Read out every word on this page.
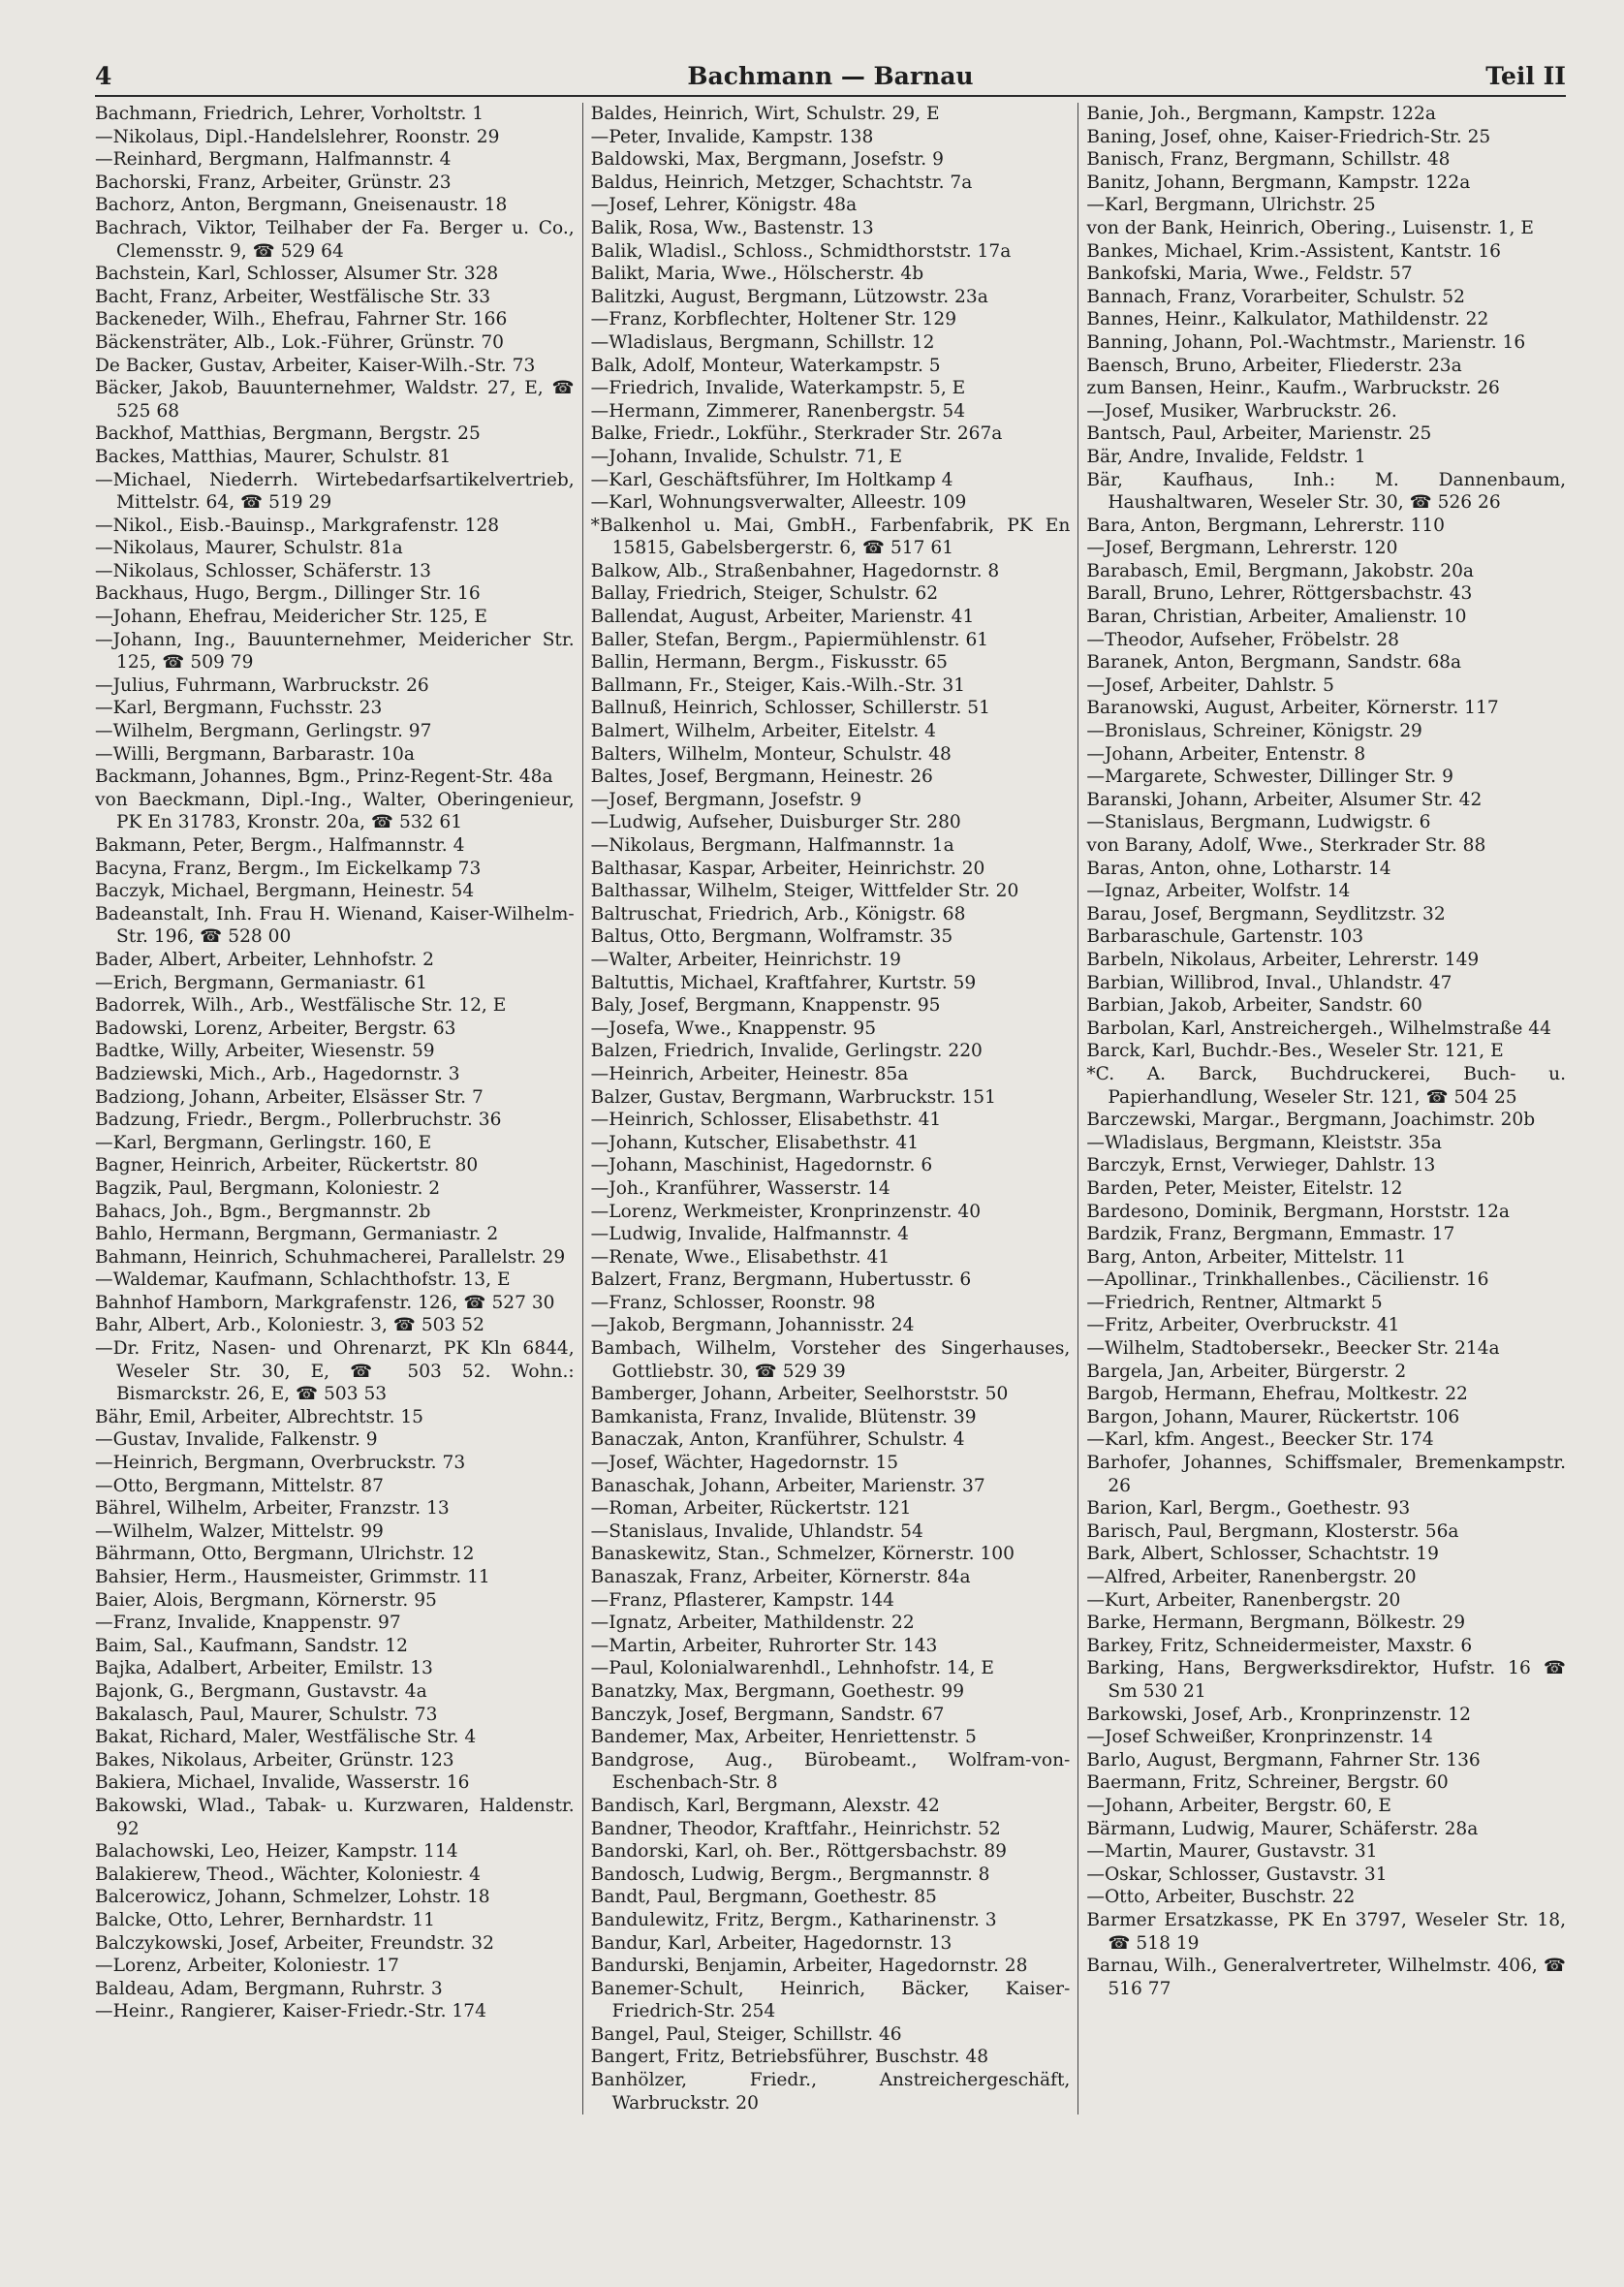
4	Bachmann — Barnau	Teil II

Bachmann, Friedrich, Lehrer, Vorholtstr. 1

—Nikolaus, Dipl.-Handelslehrer, Roonstr. 29

—Reinhard, Bergmann, Halfmannstr. 4

Bachorski, Franz, Arbeiter, Grünstr. 23

Bachorz, Anton, Bergmann, Gneisenaustr. 18

Bachrach, Viktor, Teilhaber der Fa. Berger u. Co., Clemensstr. 9, ☎ 529 64

Bachstein, Karl, Schlosser, Alsumer Str. 328

Bacht, Franz, Arbeiter, Westfälische Str. 33

Backeneder, Wilh., Ehefrau, Fahrner Str. 166

Bäckensträter, Alb., Lok.-Führer, Grünstr. 70

De Backer, Gustav, Arbeiter, Kaiser-Wilh.-Str. 73

Bäcker, Jakob, Bauunternehmer, Waldstr. 27, E, ☎ 525 68

Backhof, Matthias, Bergmann, Bergstr. 25

Backes, Matthias, Maurer, Schulstr. 81

—Michael, Niederrh. Wirtebedarfsartikelvertrieb, Mittelstr. 64, ☎ 519 29

—Nikol., Eisb.-Bauinsp., Markgrafenstr. 128

—Nikolaus, Maurer, Schulstr. 81a

—Nikolaus, Schlosser, Schäferstr. 13

Backhaus, Hugo, Bergm., Dillinger Str. 16

—Johann, Ehefrau, Meidericher Str. 125, E

—Johann, Ing., Bauunternehmer, Meidericher Str. 125, ☎ 509 79

—Julius, Fuhrmann, Warbruckstr. 26

—Karl, Bergmann, Fuchsstr. 23

—Wilhelm, Bergmann, Gerlingstr. 97

—Willi, Bergmann, Barbarastr. 10a

Backmann, Johannes, Bgm., Prinz-Regent-Str. 48a

von Baeckmann, Dipl.-Ing., Walter, Oberingenieur, PK En 31783, Kronstr. 20a, ☎ 532 61

Bakmann, Peter, Bergm., Halfmannstr. 4

Bacyna, Franz, Bergm., Im Eickelkamp 73

Baczyk, Michael, Bergmann, Heinestr. 54

Badeanstalt, Inh. Frau H. Wienand, Kaiser-Wilhelm-Str. 196, ☎ 528 00

Bader, Albert, Arbeiter, Lehnhofstr. 2

—Erich, Bergmann, Germaniastr. 61

Badorrek, Wilh., Arb., Westfälische Str. 12, E

Badowski, Lorenz, Arbeiter, Bergstr. 63

Badtke, Willy, Arbeiter, Wiesenstr. 59

Badziewski, Mich., Arb., Hagedornstr. 3

Badziong, Johann, Arbeiter, Elsässer Str. 7

Badzung, Friedr., Bergm., Pollerbruchstr. 36

—Karl, Bergmann, Gerlingstr. 160, E

Bagner, Heinrich, Arbeiter, Rückertstr. 80

Bagzik, Paul, Bergmann, Koloniestr. 2

Bahacs, Joh., Bgm., Bergmannstr. 2b

Bahlo, Hermann, Bergmann, Germaniastr. 2

Bahmann, Heinrich, Schuhmacherei, Parallelstr. 29

—Waldemar, Kaufmann, Schlachthofstr. 13, E

Bahnhof Hamborn, Markgrafenstr. 126, ☎ 527 30

Bahr, Albert, Arb., Koloniestr. 3, ☎ 503 52

—Dr. Fritz, Nasen- und Ohrenarzt, PK Kln 6844, Weseler Str. 30, E, ☎ 503 52. Wohn.: Bismarckstr. 26, E, ☎ 503 53

Bähr, Emil, Arbeiter, Albrechtstr. 15

—Gustav, Invalide, Falkenstr. 9

—Heinrich, Bergmann, Overbruckstr. 73

—Otto, Bergmann, Mittelstr. 87

Bährel, Wilhelm, Arbeiter, Franzstr. 13

—Wilhelm, Walzer, Mittelstr. 99

Bährmann, Otto, Bergmann, Ulrichstr. 12

Bahsier, Herm., Hausmeister, Grimmstr. 11

Baier, Alois, Bergmann, Körnerstr. 95

—Franz, Invalide, Knappenstr. 97

Baim, Sal., Kaufmann, Sandstr. 12

Bajka, Adalbert, Arbeiter, Emilstr. 13

Bajonk, G., Bergmann, Gustavstr. 4a

Bakalasch, Paul, Maurer, Schulstr. 73

Bakat, Richard, Maler, Westfälische Str. 4

Bakes, Nikolaus, Arbeiter, Grünstr. 123

Bakiera, Michael, Invalide, Wasserstr. 16

Bakowski, Wlad., Tabak- u. Kurzwaren, Haldenstr. 92

Balachowski, Leo, Heizer, Kampstr. 114

Balakierew, Theod., Wächter, Koloniestr. 4

Balcerowicz, Johann, Schmelzer, Lohstr. 18

Balcke, Otto, Lehrer, Bernhardstr. 11

Balczykowski, Josef, Arbeiter, Freundstr. 32

—Lorenz, Arbeiter, Koloniestr. 17

Baldeau, Adam, Bergmann, Ruhrstr. 3

—Heinr., Rangierer, Kaiser-Friedr.-Str. 174

Baldes, Heinrich, Wirt, Schulstr. 29, E

—Peter, Invalide, Kampstr. 138

Baldowski, Max, Bergmann, Josefstr. 9

Baldus, Heinrich, Metzger, Schachtstr. 7a

—Josef, Lehrer, Königstr. 48a

Balik, Rosa, Ww., Bastenstr. 13

Balik, Wladisl., Schloss., Schmidthorststr. 17a

Balikt, Maria, Wwe., Hölscherstr. 4b

Balitzki, August, Bergmann, Lützowstr. 23a

—Franz, Korbflechter, Holtener Str. 129

—Wladislaus, Bergmann, Schillstr. 12

Balk, Adolf, Monteur, Waterkampstr. 5

—Friedrich, Invalide, Waterkampstr. 5, E

—Hermann, Zimmerer, Ranenbergstr. 54

Balke, Friedr., Lokführ., Sterkrader Str. 267a

—Johann, Invalide, Schulstr. 71, E

—Karl, Geschäftsführer, Im Holtkamp 4

—Karl, Wohnungsverwalter, Alleestr. 109

*Balkenhol u. Mai, GmbH., Farbenfabrik, PK En 15815, Gabelsbergerstr. 6, ☎ 517 61

Balkow, Alb., Straßenbahner, Hagedornstr. 8

Ballay, Friedrich, Steiger, Schulstr. 62

Ballendat, August, Arbeiter, Marienstr. 41

Baller, Stefan, Bergm., Papiermühlenstr. 61

Ballin, Hermann, Bergm., Fiskusstr. 65

Ballmann, Fr., Steiger, Kais.-Wilh.-Str. 31

Ballnuß, Heinrich, Schlosser, Schillerstr. 51

Balmert, Wilhelm, Arbeiter, Eitelstr. 4

Balters, Wilhelm, Monteur, Schulstr. 48

Baltes, Josef, Bergmann, Heinestr. 26

—Josef, Bergmann, Josefstr. 9

—Ludwig, Aufseher, Duisburger Str. 280

—Nikolaus, Bergmann, Halfmannstr. 1a

Balthasar, Kaspar, Arbeiter, Heinrichstr. 20

Balthassar, Wilhelm, Steiger, Wittfelder Str. 20

Baltruschat, Friedrich, Arb., Königstr. 68

Baltus, Otto, Bergmann, Wolframstr. 35

—Walter, Arbeiter, Heinrichstr. 19

Baltuttis, Michael, Kraftfahrer, Kurtstr. 59

Baly, Josef, Bergmann, Knappenstr. 95

—Josefa, Wwe., Knappenstr. 95

Balzen, Friedrich, Invalide, Gerlingstr. 220

—Heinrich, Arbeiter, Heinestr. 85a

Balzer, Gustav, Bergmann, Warbruckstr. 151

—Heinrich, Schlosser, Elisabethstr. 41

—Johann, Kutscher, Elisabethstr. 41

—Johann, Maschinist, Hagedornstr. 6

—Joh., Kranführer, Wasserstr. 14

—Lorenz, Werkmeister, Kronprinzenstr. 40

—Ludwig, Invalide, Halfmannstr. 4

—Renate, Wwe., Elisabethstr. 41

Balzert, Franz, Bergmann, Hubertusstr. 6

—Franz, Schlosser, Roonstr. 98

—Jakob, Bergmann, Johannisstr. 24

Bambach, Wilhelm, Vorsteher des Singerhauses, Gottliebstr. 30, ☎ 529 39

Bamberger, Johann, Arbeiter, Seelhorststr. 50

Bamkanista, Franz, Invalide, Blütenstr. 39

Banaczak, Anton, Kranführer, Schulstr. 4

—Josef, Wächter, Hagedornstr. 15

Banaschak, Johann, Arbeiter, Marienstr. 37

—Roman, Arbeiter, Rückertstr. 121

—Stanislaus, Invalide, Uhlandstr. 54

Banaskewitz, Stan., Schmelzer, Körnerstr. 100

Banaszak, Franz, Arbeiter, Körnerstr. 84a

—Franz, Pflasterer, Kampstr. 144

—Ignatz, Arbeiter, Mathildenstr. 22

—Martin, Arbeiter, Ruhrorter Str. 143

—Paul, Kolonialwarenhdl., Lehnhofstr. 14, E

Banatzky, Max, Bergmann, Goethestr. 99

Banczyk, Josef, Bergmann, Sandstr. 67

Bandemer, Max, Arbeiter, Henriettenstr. 5

Bandgrose, Aug., Bürobeamt., Wolfram-von-Eschenbach-Str. 8

Bandisch, Karl, Bergmann, Alexstr. 42

Bandner, Theodor, Kraftfahr., Heinrichstr. 52

Bandorski, Karl, oh. Ber., Röttgersbachstr. 89

Bandosch, Ludwig, Bergm., Bergmannstr. 8

Bandt, Paul, Bergmann, Goethestr. 85

Bandulewitz, Fritz, Bergm., Katharinenstr. 3

Bandur, Karl, Arbeiter, Hagedornstr. 13

Bandurski, Benjamin, Arbeiter, Hagedornstr. 28

Banemer-Schult, Heinrich, Bäcker, Kaiser-Friedrich-Str. 254

Bangel, Paul, Steiger, Schillstr. 46

Bangert, Fritz, Betriebsführer, Buschstr. 48

Banhölzer, Friedr., Anstreichergeschäft, Warbruckstr. 20

Banie, Joh., Bergmann, Kampstr. 122a

Baning, Josef, ohne, Kaiser-Friedrich-Str. 25

Banisch, Franz, Bergmann, Schillstr. 48

Banitz, Johann, Bergmann, Kampstr. 122a

—Karl, Bergmann, Ulrichstr. 25

von der Bank, Heinrich, Obering., Luisenstr. 1, E

Bankes, Michael, Krim.-Assistent, Kantstr. 16

Bankofski, Maria, Wwe., Feldstr. 57

Bannach, Franz, Vorarbeiter, Schulstr. 52

Bannes, Heinr., Kalkulator, Mathildenstr. 22

Banning, Johann, Pol.-Wachtmstr., Marienstr. 16

Baensch, Bruno, Arbeiter, Fliederstr. 23a

zum Bansen, Heinr., Kaufm., Warbruckstr. 26

—Josef, Musiker, Warbruckstr. 26.

Bantsch, Paul, Arbeiter, Marienstr. 25

Bär, Andre, Invalide, Feldstr. 1

Bär, Kaufhaus, Inh.: M. Dannenbaum, Haushaltwaren, Weseler Str. 30, ☎ 526 26

Bara, Anton, Bergmann, Lehrerstr. 110

—Josef, Bergmann, Lehrerstr. 120

Barabasch, Emil, Bergmann, Jakobstr. 20a

Barall, Bruno, Lehrer, Röttgersbachstr. 43

Baran, Christian, Arbeiter, Amalienstr. 10

—Theodor, Aufseher, Fröbelstr. 28

Baranek, Anton, Bergmann, Sandstr. 68a

—Josef, Arbeiter, Dahlstr. 5

Baranowski, August, Arbeiter, Körnerstr. 117

—Bronislaus, Schreiner, Königstr. 29

—Johann, Arbeiter, Entenstr. 8

—Margarete, Schwester, Dillinger Str. 9

Baranski, Johann, Arbeiter, Alsumer Str. 42

—Stanislaus, Bergmann, Ludwigstr. 6

von Barany, Adolf, Wwe., Sterkrader Str. 88

Baras, Anton, ohne, Lotharstr. 14

—Ignaz, Arbeiter, Wolfstr. 14

Barau, Josef, Bergmann, Seydlitzstr. 32

Barbaraschule, Gartenstr. 103

Barbeln, Nikolaus, Arbeiter, Lehrerstr. 149

Barbian, Willibrod, Inval., Uhlandstr. 47

Barbian, Jakob, Arbeiter, Sandstr. 60

Barbolan, Karl, Anstreichergeh., Wilhelmstraße 44

Barck, Karl, Buchdr.-Bes., Weseler Str. 121, E

*C. A. Barck, Buchdruckerei, Buch- u. Papierhandlung, Weseler Str. 121, ☎ 504 25

Barczewski, Margar., Bergmann, Joachimstr. 20b

—Wladislaus, Bergmann, Kleiststr. 35a

Barczyk, Ernst, Verwieger, Dahlstr. 13

Barden, Peter, Meister, Eitelstr. 12

Bardesono, Dominik, Bergmann, Horststr. 12a

Bardzik, Franz, Bergmann, Emmastr. 17

Barg, Anton, Arbeiter, Mittelstr. 11

—Apollinar., Trinkhallenbes., Cäcilienstr. 16

—Friedrich, Rentner, Altmarkt 5

—Fritz, Arbeiter, Overbruckstr. 41

—Wilhelm, Stadtobersekr., Beecker Str. 214a

Bargela, Jan, Arbeiter, Bürgerstr. 2

Bargob, Hermann, Ehefrau, Moltkestr. 22

Bargon, Johann, Maurer, Rückertstr. 106

—Karl, kfm. Angest., Beecker Str. 174

Barhofer, Johannes, Schiffsmaler, Bremenkampstr. 26

Barion, Karl, Bergm., Goethestr. 93

Barisch, Paul, Bergmann, Klosterstr. 56a

Bark, Albert, Schlosser, Schachtstr. 19

—Alfred, Arbeiter, Ranenbergstr. 20

—Kurt, Arbeiter, Ranenbergstr. 20

Barke, Hermann, Bergmann, Bölkestr. 29

Barkey, Fritz, Schneidermeister, Maxstr. 6

Barking, Hans, Bergwerksdirektor, Hufstr. 16 ☎ Sm 530 21

Barkowski, Josef, Arb., Kronprinzenstr. 12

—Josef Schweißer, Kronprinzenstr. 14

Barlo, August, Bergmann, Fahrner Str. 136

Baermann, Fritz, Schreiner, Bergstr. 60

—Johann, Arbeiter, Bergstr. 60, E

Bärmann, Ludwig, Maurer, Schäferstr. 28a

—Martin, Maurer, Gustavstr. 31

—Oskar, Schlosser, Gustavstr. 31

—Otto, Arbeiter, Buschstr. 22

Barmer Ersatzkasse, PK En 3797, Weseler Str. 18, ☎ 518 19

Barnau, Wilh., Generalvertreter, Wilhelmstr. 406, ☎ 516 77
